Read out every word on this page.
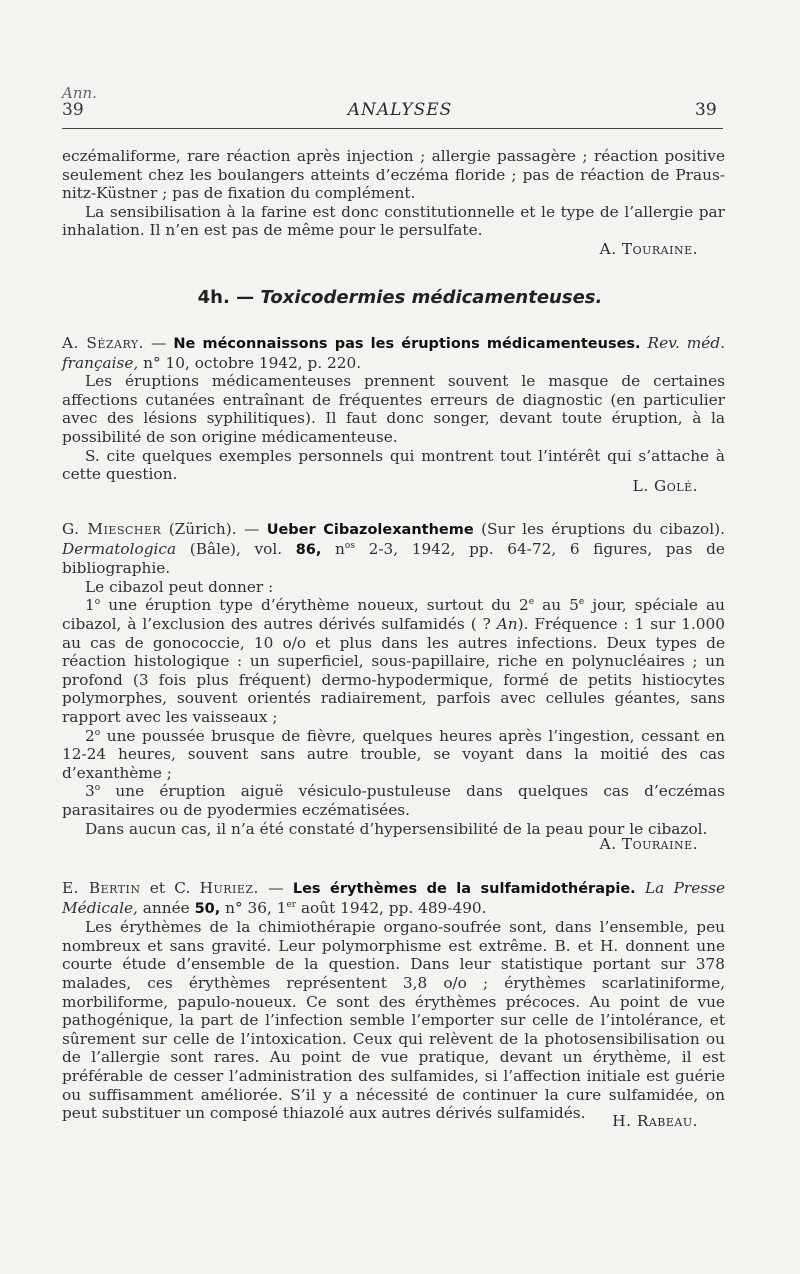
Ann.
39	ANALYSES	39

eczémaliforme, rare réaction après injection ; allergie passagère ; réaction positive seulement chez les boulangers atteints d’eczéma floride ; pas de réaction de Praus-nitz-Küstner ; pas de fixation du complément.

La sensibilisation à la farine est donc constitutionnelle et le type de l’allergie par inhalation. Il n’en est pas de même pour le persulfate.

A. Touraine.
4h. — Toxicodermies médicamenteuses.

A. Sézary. — Ne méconnaissons pas les éruptions médicamenteuses. Rev. méd. française, n° 10, octobre 1942, p. 220.

Les éruptions médicamenteuses prennent souvent le masque de certaines affections cutanées entraînant de fréquentes erreurs de diagnostic (en particulier avec des lésions syphilitiques). Il faut donc songer, devant toute éruption, à la possibilité de son origine médicamenteuse.

S. cite quelques exemples personnels qui montrent tout l’intérêt qui s’attache à cette question.

L. Golé.

G. Miescher (Zürich). — Ueber Cibazolexantheme (Sur les éruptions du cibazol). Dermatologica (Bâle), vol. 86, $n^{os}$ 2-3, 1942, pp. 64-72, 6 figures, pas de bibliographie.

Le cibazol peut donner :

1$^o$ une éruption type d’érythème noueux, surtout du 2e au 5e jour, spéciale au cibazol, à l’exclusion des autres dérivés sulfamidés ( ? An). Fréquence : 1 sur 1.000 au cas de gonococcie, 10 o/o et plus dans les autres infections. Deux types de réaction histologique : un superficiel, sous-papillaire, riche en polynucléaires ; un profond (3 fois plus fréquent) dermo-hypodermique, formé de petits histiocytes polymorphes, souvent orientés radiairement, parfois avec cellules géantes, sans rapport avec les vaisseaux ;

2$^o$ une poussée brusque de fièvre, quelques heures après l’ingestion, cessant en 12-24 heures, souvent sans autre trouble, se voyant dans la moitié des cas d’exanthème ;

3$^o$ une éruption aiguë vésiculo-pustuleuse dans quelques cas d’eczémas parasitaires ou de pyodermies eczématisées.

Dans aucun cas, il n’a été constaté d’hypersensibilité de la peau pour le cibazol.

A. Touraine.

E. Bertin et C. Huriez. — Les érythèmes de la sulfamidothérapie. La Presse Médicale, année 50, n° 36, 1er août 1942, pp. 489-490.

Les érythèmes de la chimiothérapie organo-soufrée sont, dans l’ensemble, peu nombreux et sans gravité. Leur polymorphisme est extrême. B. et H. donnent une courte étude d’ensemble de la question. Dans leur statistique portant sur 378 malades, ces érythèmes représentent 3,8 o/o ; érythèmes scarlatiniforme, morbiliforme, papulo-noueux. Ce sont des érythèmes précoces. Au point de vue pathogénique, la part de l’infection semble l’emporter sur celle de l’intolérance, et sûrement sur celle de l’intoxication. Ceux qui relèvent de la photosensibilisation ou de l’allergie sont rares. Au point de vue pratique, devant un érythème, il est préférable de cesser l’administration des sulfamides, si l’affection initiale est guérie ou suffisamment améliorée. S’il y a nécessité de continuer la cure sulfamidée, on peut substituer un composé thiazolé aux autres dérivés sulfamidés.	H. Rabeau.
